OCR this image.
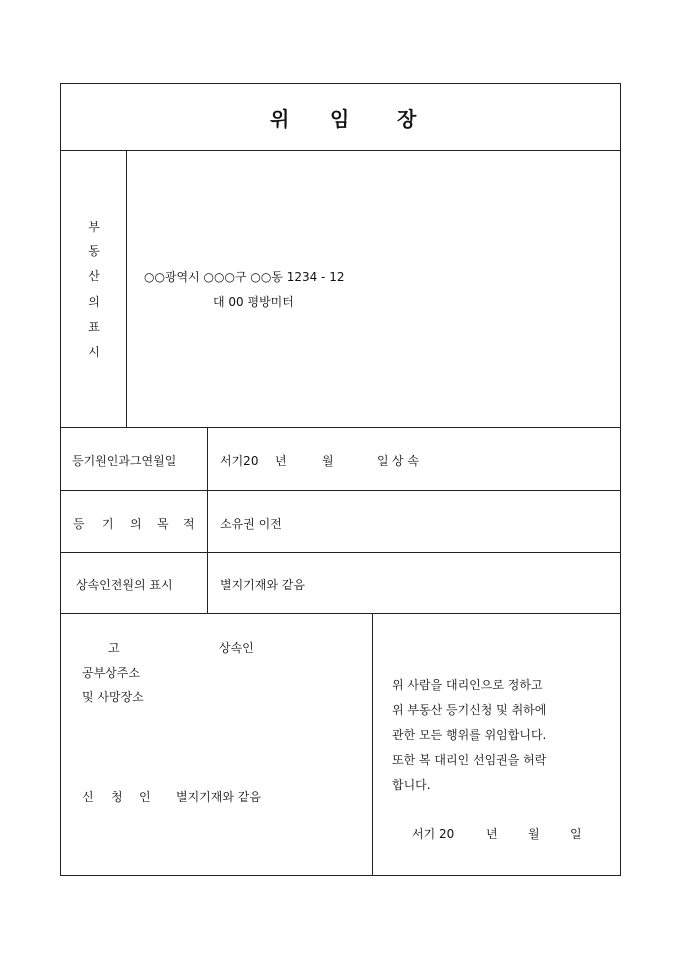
위 임 장
부
동
산
의
표
시
○○광역시 ○○○구 ○○동 1234 - 12
대 00 평방미터
등기원인과그연월일	서기20 년	월	일 상 속
등 기 의 목 적 소유권 이전
상속인전원의 표시	별지기재와 같음
고	상속인
공부상주소
및 사망장소
신 청 인 별지기재와 같음
위 사람을 대리인으로 정하고
위 부동산 등기신청 및 취하에
관한 모든 행위를 위임합니다.
또한 복 대리인 선임권을 허락
합니다.
서기 20	년	월	일
